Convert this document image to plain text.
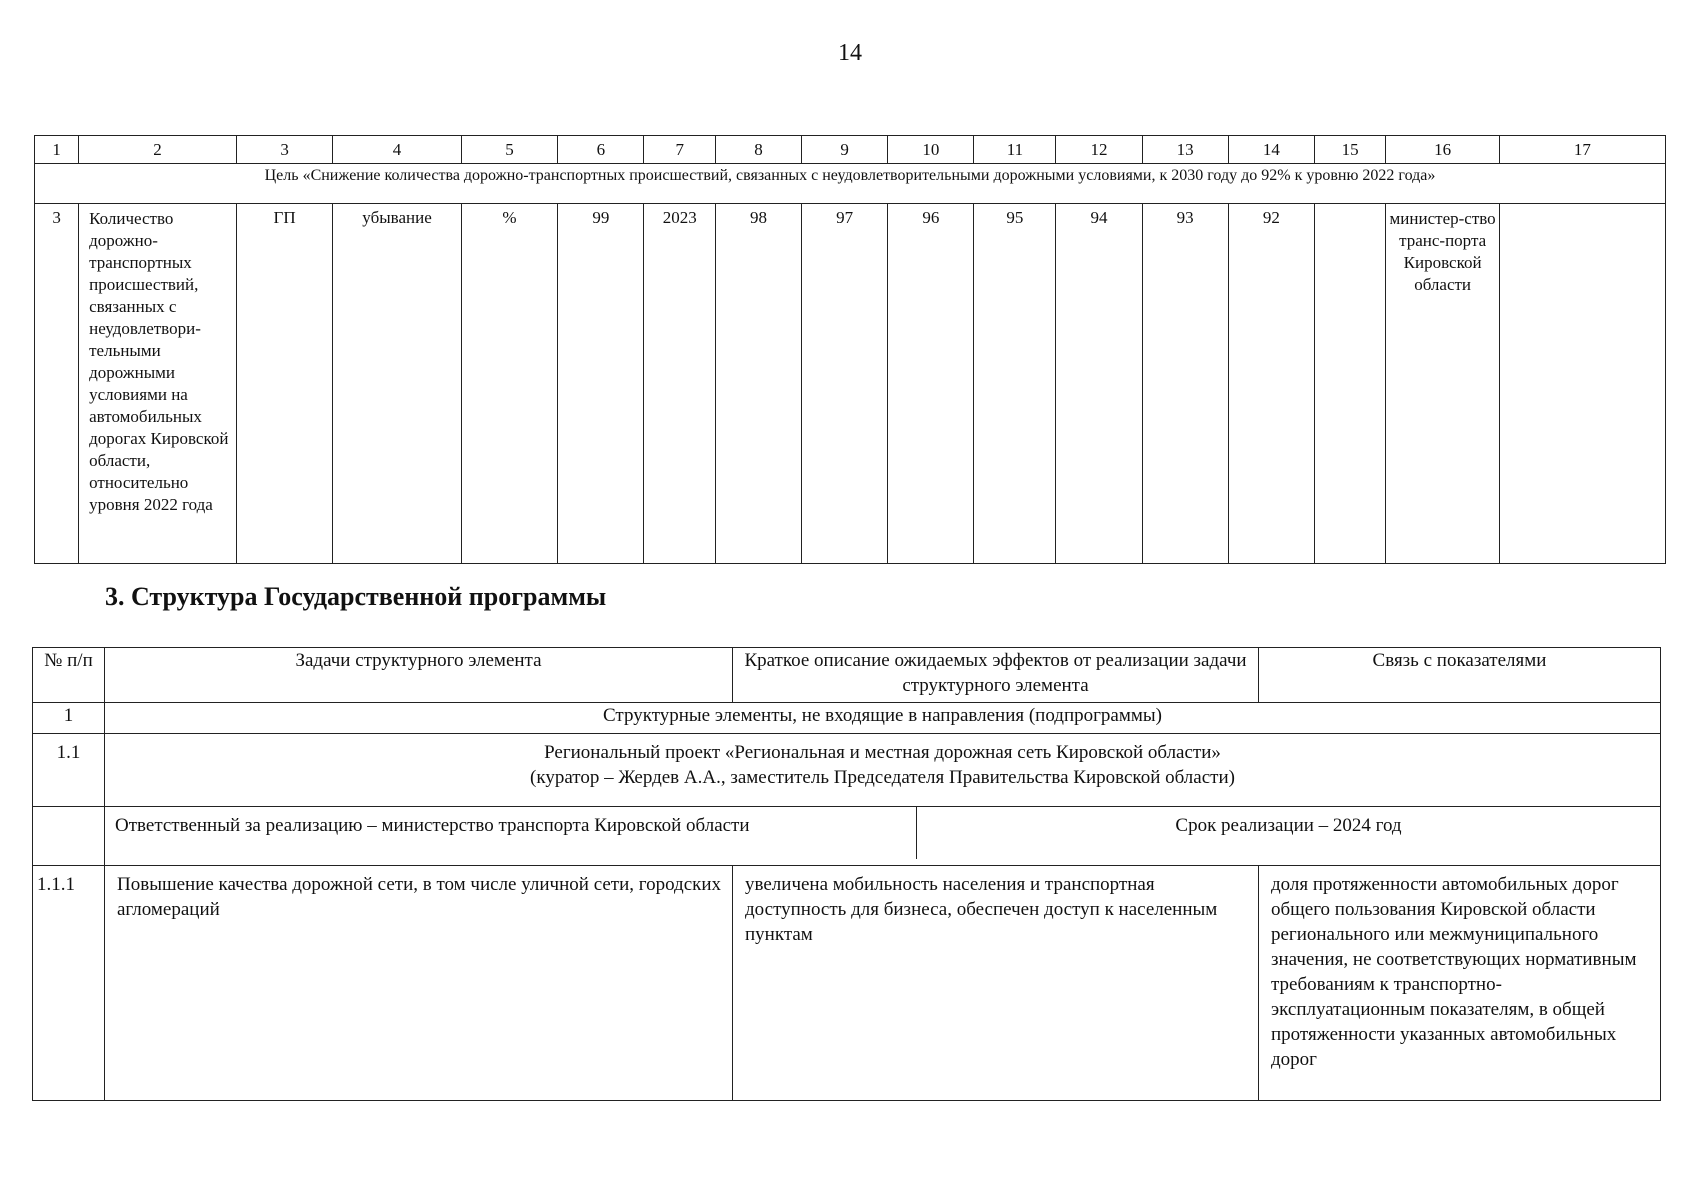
14
1	2	3	4	5	6	7	8	9	10	11	12	13	14	15	16	17
Цель «Снижение количества дорожно-транспортных происшествий, связанных с неудовлетворительными дорожными условиями, к 2030 году до 92% к уровню 2022 года»																
3	Количество дорожно-транспортных происшествий, связанных с неудовлетвори-тельными дорожными условиями на автомобильных дорогах Кировской области, относительно уровня 2022 года	ГП	убывание	%	99	2023	98	97	96	95	94	93	92		министер-ство транс-порта Кировской области	
3. Структура Государственной программы
№ п/п	Задачи структурного элемента	Краткое описание ожидаемых эффектов от реализации задачи структурного элемента	Связь с показателями
1	Структурные элементы, не входящие в направления (подпрограммы)		
1.1	Региональный проект «Региональная и местная дорожная сеть Кировской области»
(куратор – Жердев А.А., заместитель Председателя Правительства Кировской области)		

	Ответственный за реализацию – министерство транспорта Кировской области Срок реализации – 2024 год		

1.1.1	Повышение качества дорожной сети, в том числе уличной сети, городских агломераций	увеличена мобильность населения и транспортная доступность для бизнеса, обеспечен доступ к населенным пунктам	доля протяженности автомобильных дорог общего пользования Кировской области регионального или межмуниципального значения, не соответствующих нормативным требованиям к транспортно-эксплуатационным показателям, в общей протяженности указанных автомобильных дорог
